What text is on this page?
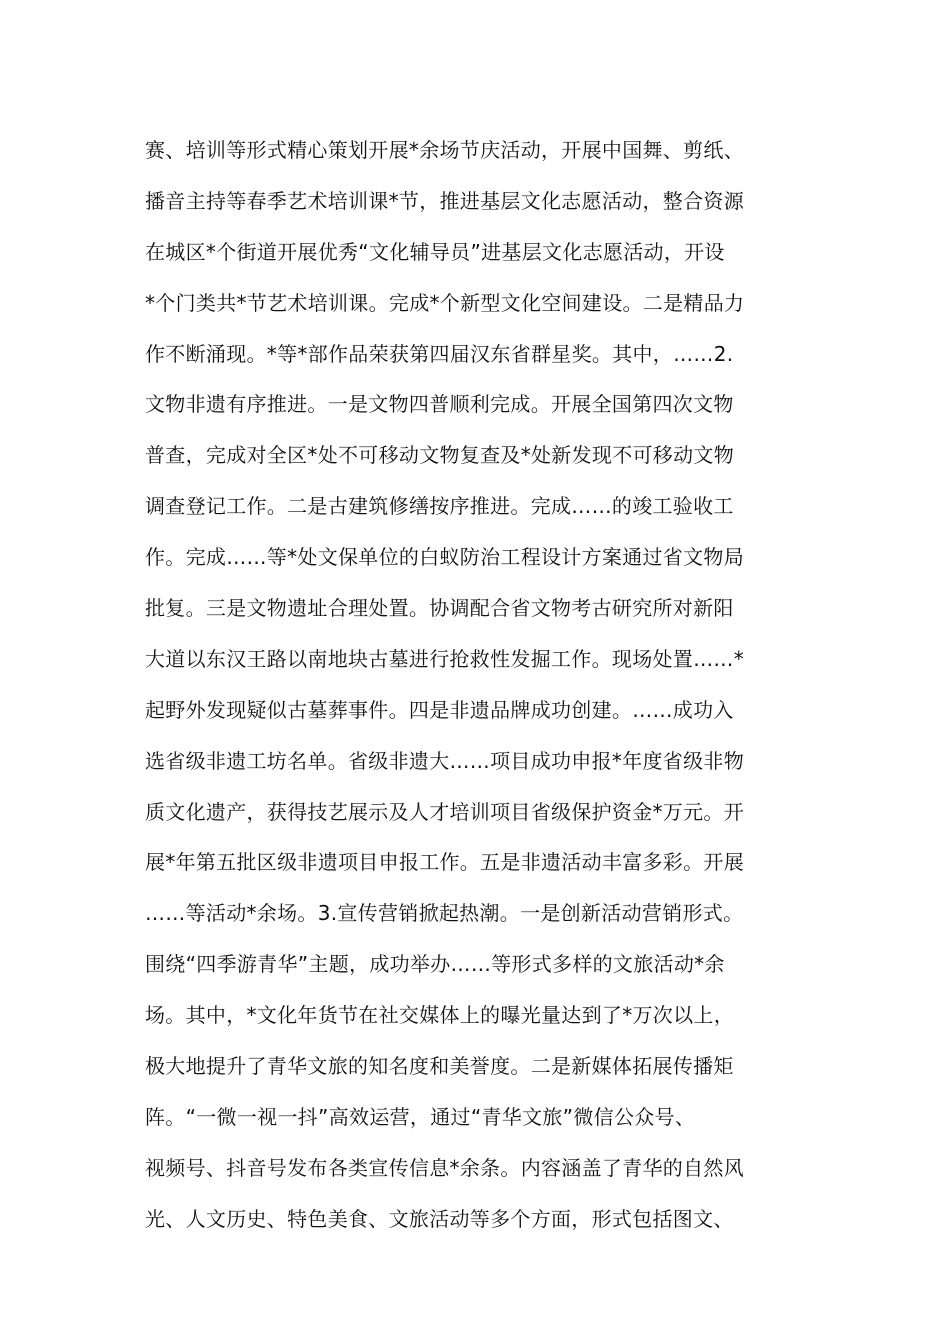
赛、培训等形式精心策划开展*余场节庆活动，开展中国舞、剪纸、
播音主持等春季艺术培训课*节，推进基层文化志愿活动，整合资源
在城区*个街道开展优秀“文化辅导员”进基层文化志愿活动，开设
*个门类共*节艺术培训课。完成*个新型文化空间建设。二是精品力
作不断涌现。*等*部作品荣获第四届汉东省群星奖。其中，……2.
文物非遗有序推进。一是文物四普顺利完成。开展全国第四次文物
普查，完成对全区*处不可移动文物复查及*处新发现不可移动文物
调查登记工作。二是古建筑修缮按序推进。完成……的竣工验收工
作。完成……等*处文保单位的白蚁防治工程设计方案通过省文物局
批复。三是文物遗址合理处置。协调配合省文物考古研究所对新阳
大道以东汉王路以南地块古墓进行抢救性发掘工作。现场处置……*
起野外发现疑似古墓葬事件。四是非遗品牌成功创建。……成功入
选省级非遗工坊名单。省级非遗大……项目成功申报*年度省级非物
质文化遗产，获得技艺展示及人才培训项目省级保护资金*万元。开
展*年第五批区级非遗项目申报工作。五是非遗活动丰富多彩。开展
……等活动*余场。3.宣传营销掀起热潮。一是创新活动营销形式。
围绕“四季游青华”主题，成功举办……等形式多样的文旅活动*余
场。其中，*文化年货节在社交媒体上的曝光量达到了*万次以上，
极大地提升了青华文旅的知名度和美誉度。二是新媒体拓展传播矩
阵。“一微一视一抖”高效运营，通过“青华文旅”微信公众号、
视频号、抖音号发布各类宣传信息*余条。内容涵盖了青华的自然风
光、人文历史、特色美食、文旅活动等多个方面，形式包括图文、
